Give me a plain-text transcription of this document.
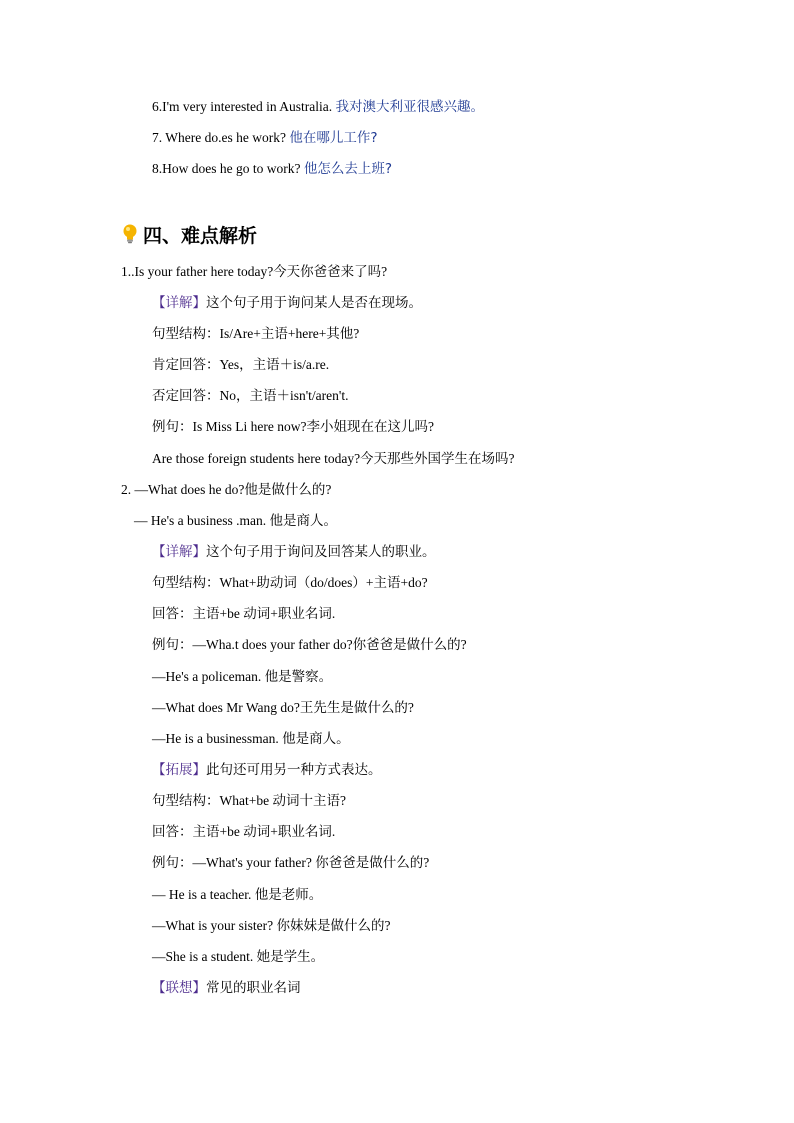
6.I'm very interested in Australia. 我对澳大利亚很感兴趣。
7. Where do.es he work? 他在哪儿工作?
8.How does he go to work? 他怎么去上班?
四、难点解析
1..Is your father here today?今天你爸爸来了吗?
【详解】这个句子用于询问某人是否在现场。
句型结构：Is/Are+主语+here+其他?
肯定回答：Yes，主语＋is/a.re.
否定回答：No，主语＋isn't/aren't.
例句：Is Miss Li here now?李小姐现在在这儿吗?
Are those foreign students here today?今天那些外国学生在场吗?
2. —What does he do?他是做什么的?
— He's a business .man. 他是商人。
【详解】这个句子用于询问及回答某人的职业。
句型结构：What+助动词（do/does）+主语+do?
回答：主语+be 动词+职业名词.
例句：—Wha.t does your father do?你爸爸是做什么的?
—He's a policeman. 他是警察。
—What does Mr Wang do?王先生是做什么的?
—He is a businessman. 他是商人。
【拓展】此句还可用另一种方式表达。
句型结构：What+be 动词十主语?
回答：主语+be 动词+职业名词.
例句：—What's your father? 你爸爸是做什么的?
— He is a teacher. 他是老师。
—What is your sister? 你妹妹是做什么的?
—She is a student. 她是学生。
【联想】常见的职业名词
